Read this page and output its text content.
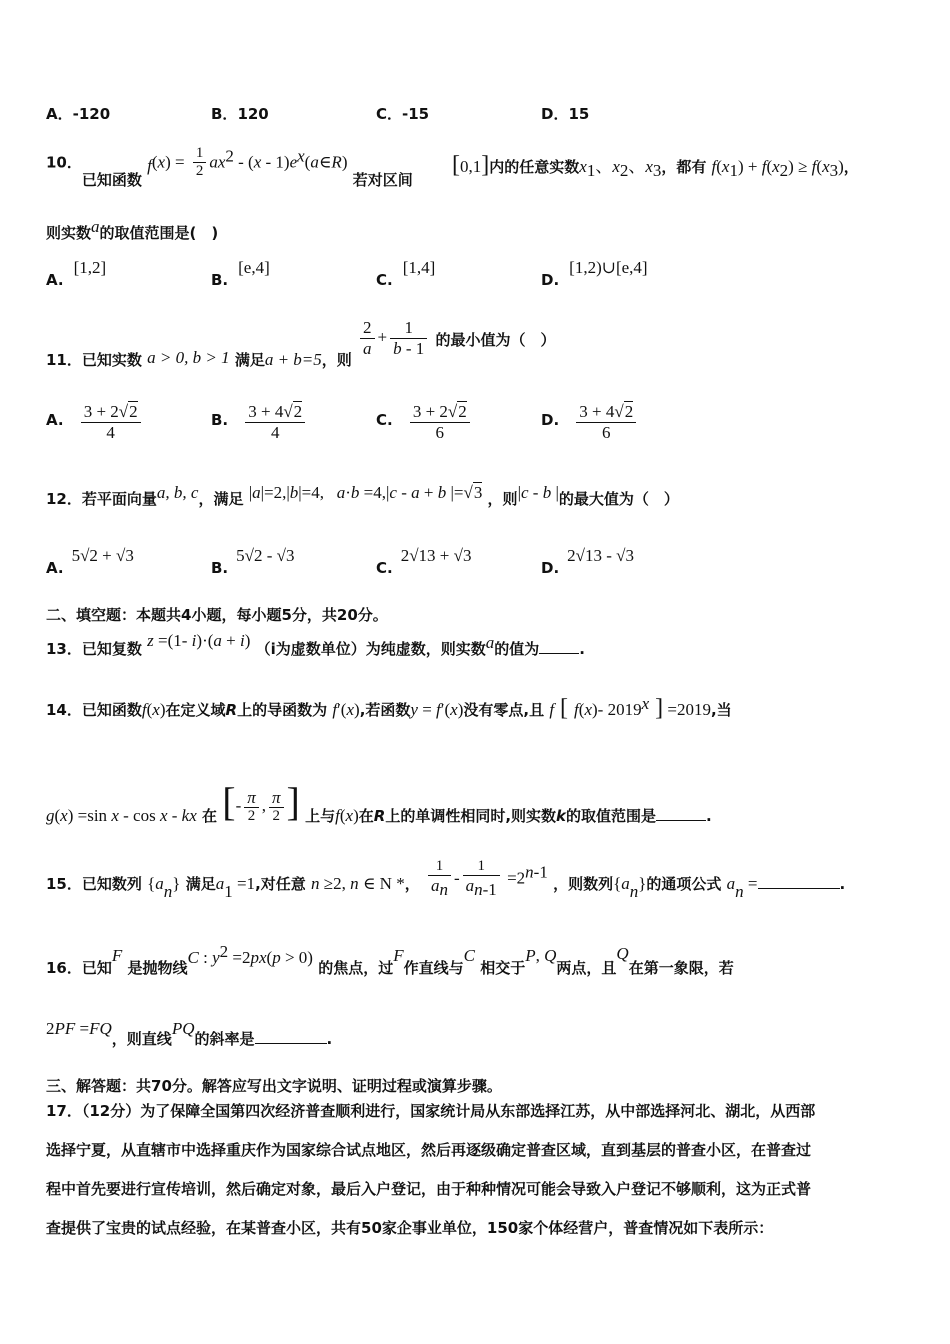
A．-120	B．120	C．-15	D．15
10．已知函数 $f(x) = \frac{1}{2} ax^2 - (x$ - $1)e^x(a\in R)$ 若对区间
[0,1]内的任意实数$x_1$、$x_2$、$x_3$，都有 $f(x_1) + f(x_2) \ge f(x_3)$，
则实数a的取值范围是(　)
A.[1,2]
B.[e,4]
C.[1,4]
D.[1,2)∪[e,4]
11．已知实数 a > 0, b > 1 满足a + b=5，则
$\frac{2}{a} + \frac{1}{b - 1}$ 的最小值为（　）
A. $\frac{3 + 2√2}{4}$	B. $\frac{3 + 4√2}{4}$	C. $\frac{3 + 2√2}{6}$	D. $\frac{3 + 4√2}{6}$
12．若平面向量a, b, c，满足 |a|=2,|b|=4,   a·b =4,|c - a + b |=√3 ，则|c - b |的最大值为（　）
A.5√2 + √3
B.5√2 - √3
C.2√13 + √3
D.2√13 - √3
二、填空题：本题共4小题，每小题5分，共20分。
13．已知复数 z =(1- i)·(a + i) （i为虚数单位）为纯虚数，则实数a的值为	.
14．已知函数f(x)在定义域R上的导函数为 f′(x),若函数y = f′(x)没有零点,且 f [ f(x)- 2019$^x$ ] =2019,当
g(x) =sin x - cos x - kx 在 [- $\frac{\pi}{2}$ , $\frac{\pi}{2}$ ] 上与f(x)在R上的单调性相同时,则实数k的取值范围是	.
15．已知数列 $\{a_n\}$ 满足$a_1 =1$,对任意 n ≥2, n ∈ N *， $\frac{1}{a_n} - \frac{1}{a_{n-1}} =2^{n-1}$ ，则数列$\{a_n\}$的通项公式 $a_n$ =	.
16．已知F 是抛物线C : $y^2 =2px(p > 0)$ 的焦点，过F作直线与C 相交于P, Q两点，且Q在第一象限，若
2PF =FQ，则直线PQ的斜率是	.
三、解答题：共70分。解答应写出文字说明、证明过程或演算步骤。
17．（12分）为了保障全国第四次经济普查顺利进行，国家统计局从东部选择江苏，从中部选择河北、湖北，从西部
选择宁夏，从直辖市中选择重庆作为国家综合试点地区，然后再逐级确定普查区域，直到基层的普查小区，在普查过
程中首先要进行宣传培训，然后确定对象，最后入户登记，由于种种情况可能会导致入户登记不够顺利，这为正式普
查提供了宝贵的试点经验，在某普查小区，共有50家企事业单位，150家个体经营户，普查情况如下表所示：
